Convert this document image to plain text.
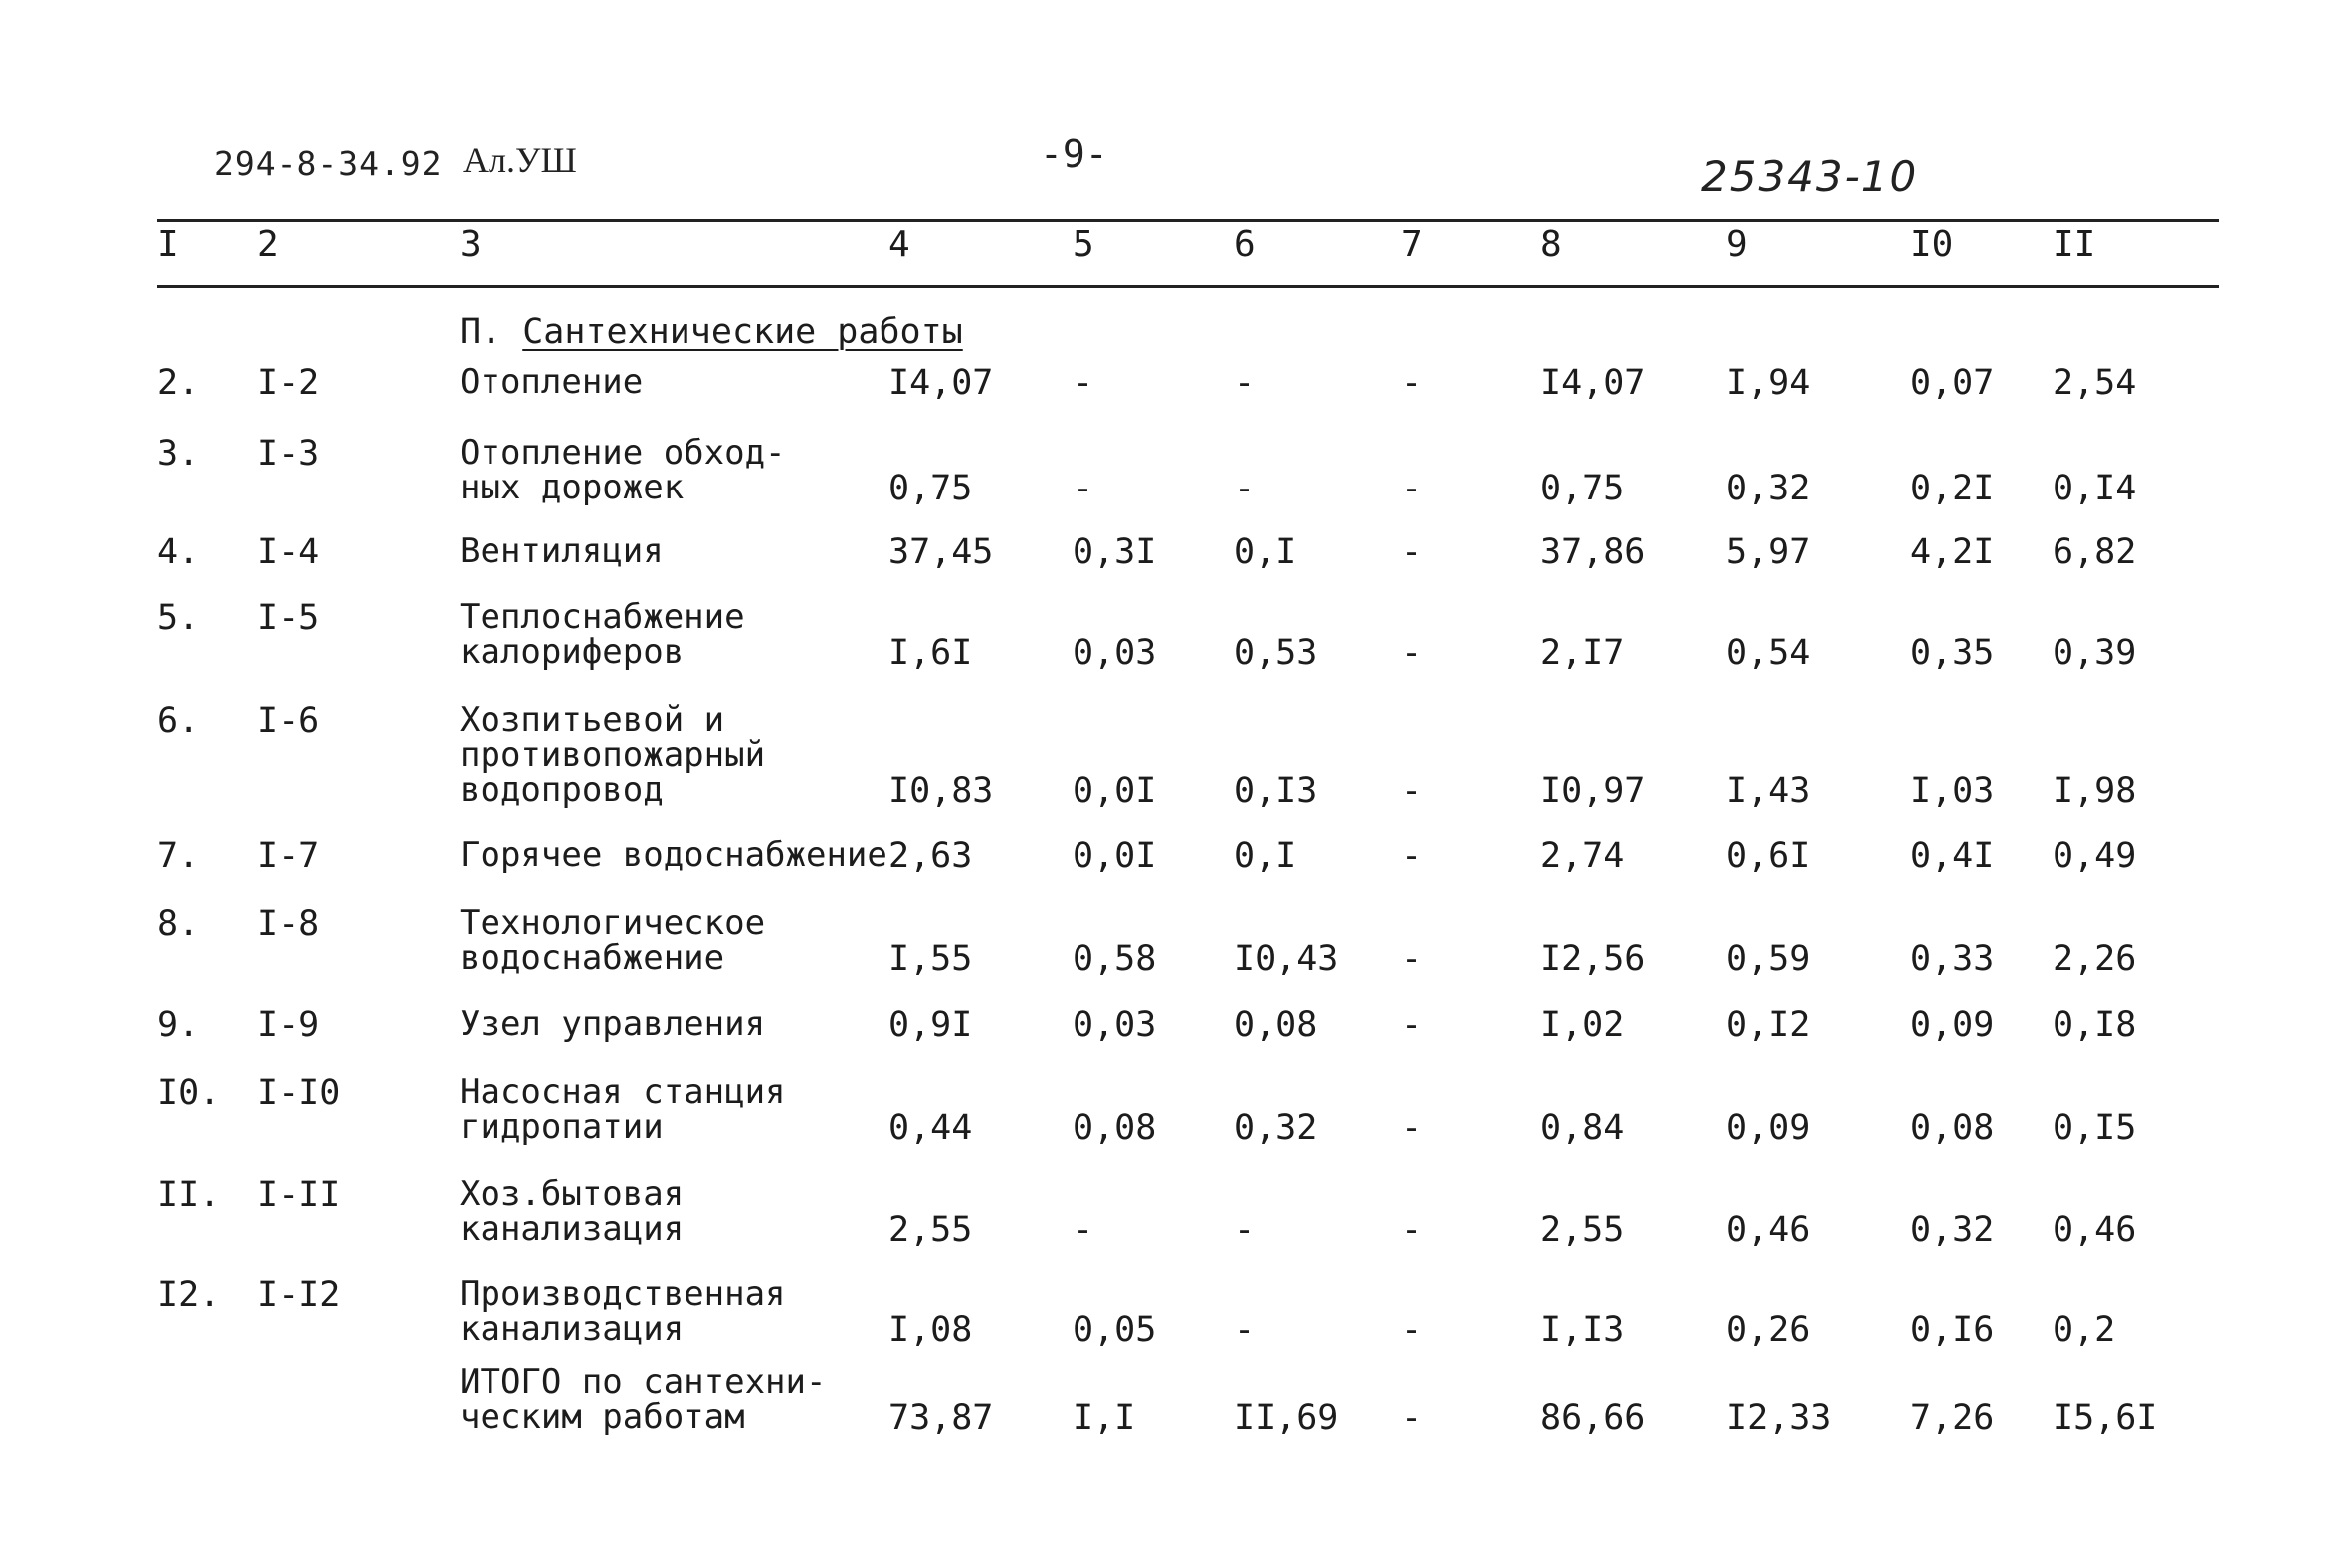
294-8-34.92 Ал.УШ	-9-	25343-10
I 2	3	4	5	6	7	8	9	I0	II
П. Сантехнические работы
2. I-2	Отопление	I4,07 -	-	-	I4,07 I,94	0,07 2,54
3. I-3	Отопление обход-
ных дорожек	0,75	-	-	-	0,75	0,32	0,2I 0,I4
4. I-4	Вентиляция	37,45 0,3I 0,I	-	37,86 5,97	4,2I 6,82
5. I-5	Теплоснабжение
калориферов	I,6I	0,03 0,53 -	2,I7	0,54	0,35 0,39
6. I-6	Хозпитьевой и
противопожарный
водопровод	I0,83 0,0I 0,I3 -	I0,97 I,43	I,03 I,98
7. I-7	Горячее водоснабжение 2,63	0,0I 0,I	-	2,74	0,6I	0,4I 0,49
8. I-8	Технологическое
водоснабжение	I,55	0,58 I0,43 -	I2,56 0,59	0,33 2,26
9. I-9	Узел управления	0,9I	0,03 0,08 -	I,02	0,I2	0,09 0,I8
I0. I-I0	Насосная станция
гидропатии	0,44	0,08 0,32 -	0,84	0,09	0,08 0,I5
II. I-II	Хоз.бытовая
канализация	2,55	-	-	-	2,55	0,46	0,32 0,46
I2. I-I2	Производственная
канализация	I,08	0,05 -	-	I,I3	0,26	0,I6 0,2
ИТОГО по сантехни-
ческим работам	73,87 I,I	II,69 -	86,66 I2,33 7,26 I5,6I
